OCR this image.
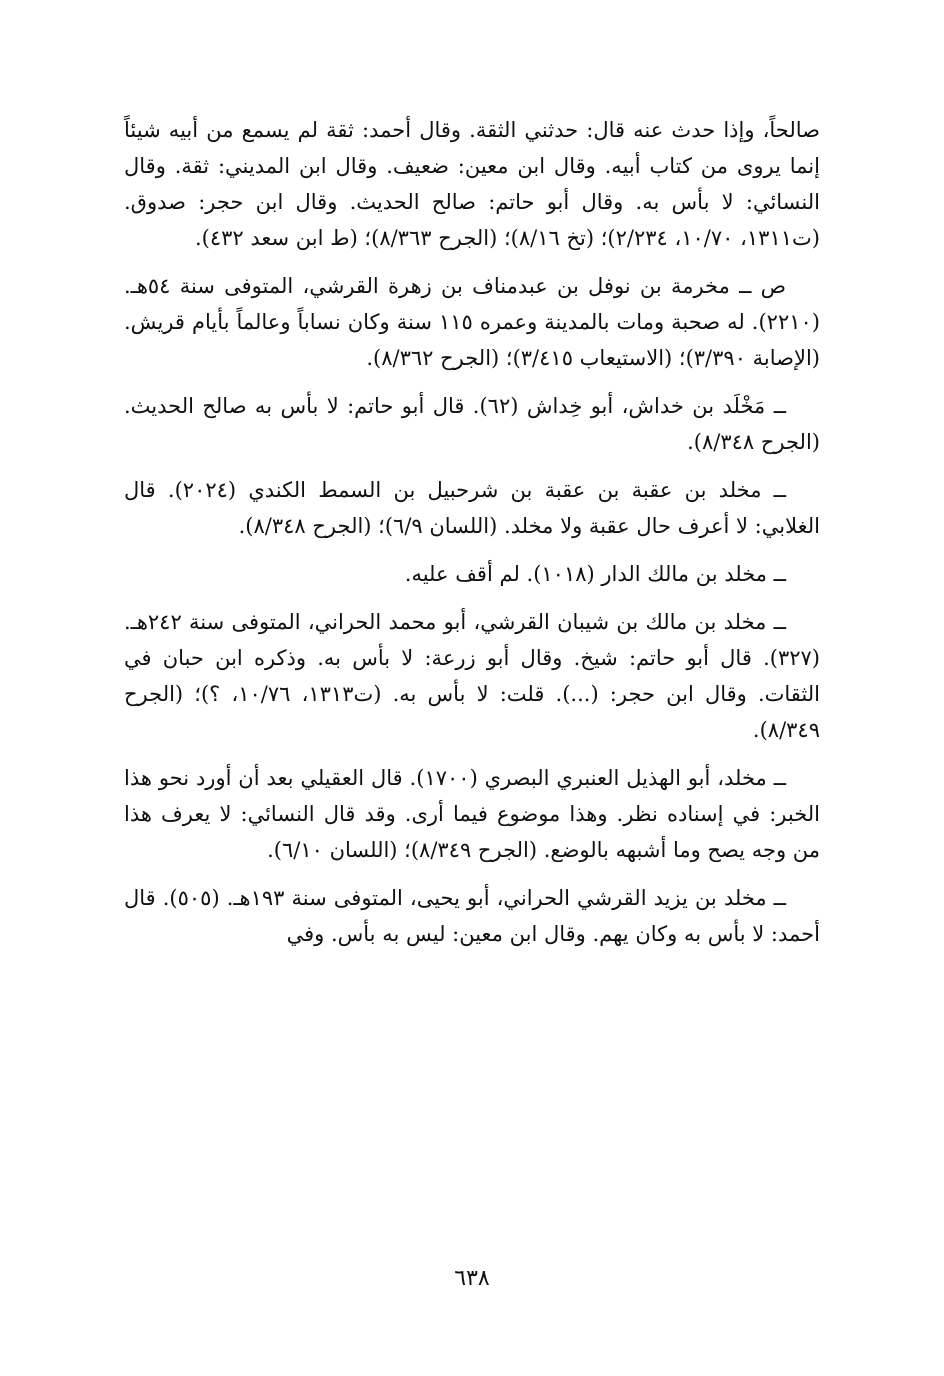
صالحاً، وإذا حدث عنه قال: حدثني الثقة. وقال أحمد: ثقة لم يسمع من أبيه شيئاً إنما يروى من كتاب أبيه. وقال ابن معين: ضعيف. وقال ابن المديني: ثقة. وقال النسائي: لا بأس به. وقال أبو حاتم: صالح الحديث. وقال ابن حجر: صدوق. (ت١٣١١، ١٠/٧٠، ٢/٢٣٤)؛ (تخ ٨/١٦)؛ (الجرح ٨/٣٦٣)؛ (ط ابن سعد ٤٣٢).

ص ــ مخرمة بن نوفل بن عبدمناف بن زهرة القرشي، المتوفى سنة ٥٤هـ. (٢٢١٠). له صحبة ومات بالمدينة وعمره ١١٥ سنة وكان نساباً وعالماً بأيام قريش. (الإصابة ٣/٣٩٠)؛ (الاستيعاب ٣/٤١٥)؛ (الجرح ٨/٣٦٢).

ــ مَخْلَد بن خداش، أبو خِداش (٦٢). قال أبو حاتم: لا بأس به صالح الحديث. (الجرح ٨/٣٤٨).

ــ مخلد بن عقبة بن عقبة بن شرحبيل بن السمط الكندي (٢٠٢٤). قال الغلابي: لا أعرف حال عقبة ولا مخلد. (اللسان ٦/٩)؛ (الجرح ٨/٣٤٨).

ــ مخلد بن مالك الدار (١٠١٨). لم أقف عليه.

ــ مخلد بن مالك بن شيبان القرشي، أبو محمد الحراني، المتوفى سنة ٢٤٢هـ. (٣٢٧). قال أبو حاتم: شيخ. وقال أبو زرعة: لا بأس به. وذكره ابن حبان في الثقات. وقال ابن حجر: (...). قلت: لا بأس به. (ت١٣١٣، ١٠/٧٦، ؟)؛ (الجرح ٨/٣٤٩).

ــ مخلد، أبو الهذيل العنبري البصري (١٧٠٠). قال العقيلي بعد أن أورد نحو هذا الخبر: في إسناده نظر. وهذا موضوع فيما أرى. وقد قال النسائي: لا يعرف هذا من وجه يصح وما أشبهه بالوضع. (الجرح ٨/٣٤٩)؛ (اللسان ٦/١٠).

ــ مخلد بن يزيد القرشي الحراني، أبو يحيى، المتوفى سنة ١٩٣هـ. (٥٠٥). قال أحمد: لا بأس به وكان يهم. وقال ابن معين: ليس به بأس. وفي

٦٣٨
